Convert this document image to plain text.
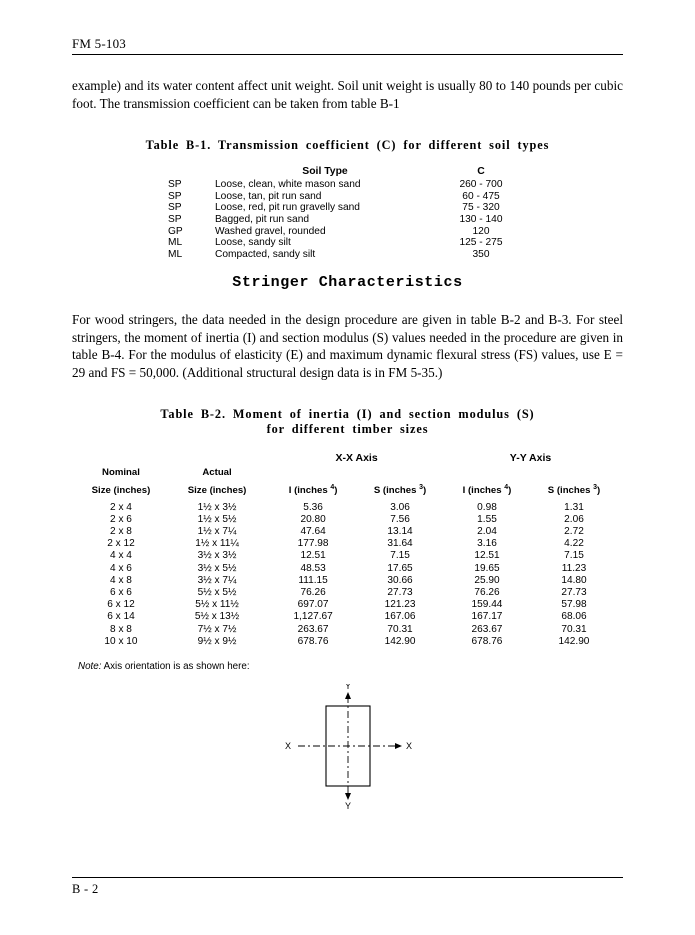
FM 5-103

example) and its water content affect unit weight. Soil unit weight is usually 80 to 140 pounds per cubic foot. The transmission coefficient can be taken from table B-1

Table B-1. Transmission coefficient (C) for different soil types
	Soil Type	C
SP	Loose, clean, white mason sand	260 - 700
SP	Loose, tan, pit run sand	60 - 475
SP	Loose, red, pit run gravelly sand	75 - 320
SP	Bagged, pit run sand	130 - 140
GP	Washed gravel, rounded	120
ML	Loose, sandy silt	125 - 275
ML	Compacted, sandy silt	350
Stringer Characteristics

For wood stringers, the data needed in the design procedure are given in table B-2 and B-3. For steel stringers, the moment of inertia (I) and section modulus (S) values needed in the procedure are given in table B-4. For the modulus of elasticity (E) and maximum dynamic flexural stress (FS) values, use E = 29 and FS = 50,000. (Additional structural design data is in FM 5-35.)

Table B-2. Moment of inertia (I) and section modulus (S)
for different timber sizes
		X-X Axis		Y-Y Axis	
Nominal	Actual				
Size (inches)	Size (inches)	I (inches $^4$)	S (inches $^3$)	I (inches $^4$)	S (inches $^3$)
2 x 4	1½ x 3½	5.36	3.06	0.98	1.31
2 x 6	1½ x 5½	20.80	7.56	1.55	2.06
2 x 8	1½ x 7¼	47.64	13.14	2.04	2.72
2 x 12	1½ x 11¼	177.98	31.64	3.16	4.22
4 x 4	3½ x 3½	12.51	7.15	12.51	7.15
4 x 6	3½ x 5½	48.53	17.65	19.65	11.23
4 x 8	3½ x 7¼	111.15	30.66	25.90	14.80
6 x 6	5½ x 5½	76.26	27.73	76.26	27.73
6 x 12	5½ x 11½	697.07	121.23	159.44	57.98
6 x 14	5½ x 13½	1,127.67	167.06	167.17	68.06
8 x 8	7½ x 7½	263.67	70.31	263.67	70.31
10 x 10	9½ x 9½	678.76	142.90	678.76	142.90
Note: Axis orientation is as shown here:
Y
Y
X	X
B - 2
